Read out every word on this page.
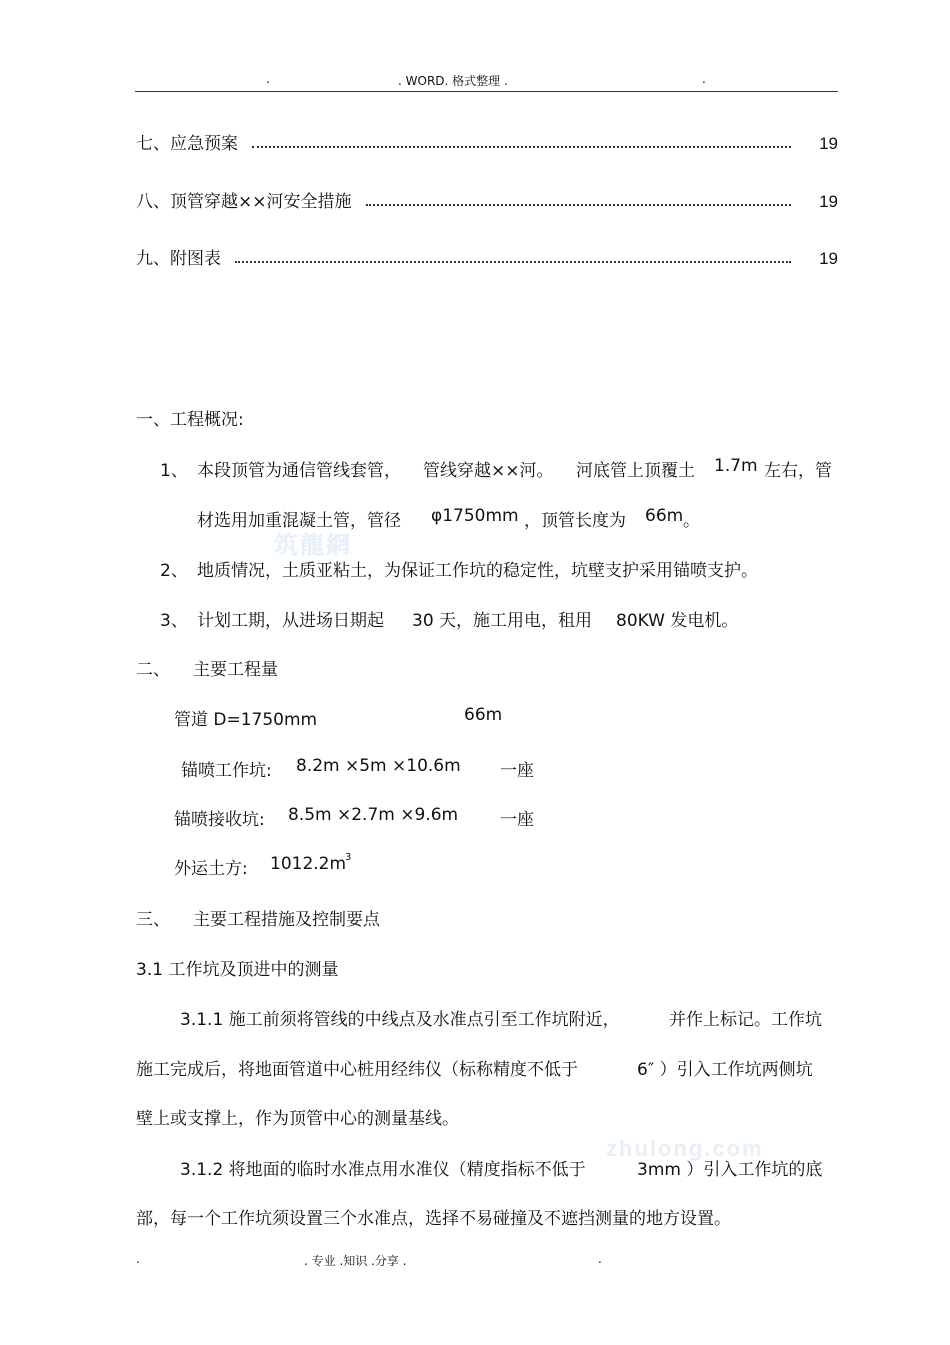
.	. WORD. 格式整理 .	.
七、应急预案	19
八、顶管穿越××河安全措施	19
九、附图表	19
筑龍網
zhulong.com
一、工程概况:
1、 本段顶管为通信管线套管， 管线穿越××河。 河底管上顶覆土 1.7m 左右，管
材选用加重混凝土管，管径 φ1750mm ，顶管长度为 66m 。
2、 地质情况，土质亚粘土，为保证工作坑的稳定性，坑壁支护采用锚喷支护。
3、 计划工期，从进场日期起 30 天，施工用电，租用 80KW 发电机。
二、 主要工程量
管道 D=1750mm	66m
锚喷工作坑: 8.2m ×5m ×10.6m 一座
锚喷接收坑: 8.5m ×2.7m ×9.6m 一座
外运土方: 1012.2m
3
三、 主要工程措施及控制要点
3.1 工作坑及顶进中的测量
3.1.1 施工前须将管线的中线点及水准点引至工作坑附近，	并作上标记。工作坑
施工完成后，将地面管道中心桩用经纬仪（标称精度不低于	6″ ）引入工作坑两侧坑
壁上或支撑上，作为顶管中心的测量基线。
3.1.2 将地面的临时水准点用水准仪（精度指标不低于	3mm ）引入工作坑的底
部，每一个工作坑须设置三个水准点，选择不易碰撞及不遮挡测量的地方设置。
.	. 专业 .知识 .分享 .	.
